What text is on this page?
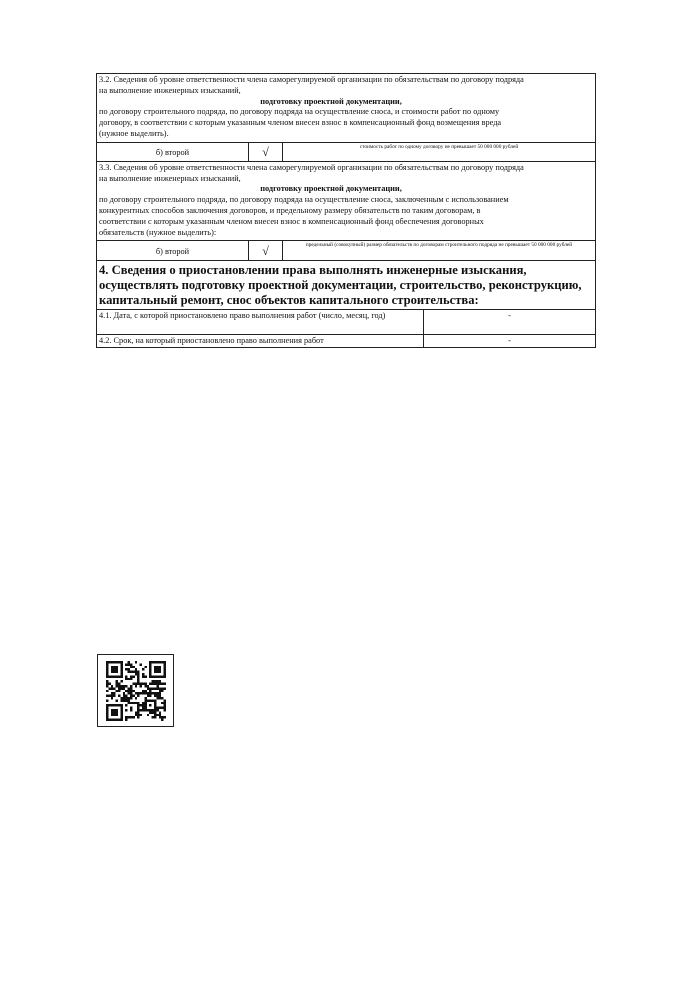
3.2. Сведения об уровне ответственности члена саморегулируемой организации по обязательствам по договору подряда
на выполнение инженерных изысканий,
подготовку проектной документации,
по договору строительного подряда, по договору подряда на осуществление сноса, и стоимости работ по одному
договору, в соответствии с которым указанным членом внесен взнос в компенсационный фонд возмещения вреда
(нужное выделить).
б) второй	√	стоимость работ по одному договору не превышает 50 000 000 рублей
3.3. Сведения об уровне ответственности члена саморегулируемой организации по обязательствам по договору подряда
на выполнение инженерных изысканий,
подготовку проектной документации,
по договору строительного подряда, по договору подряда на осуществление сноса, заключенным с использованием
конкурентных способов заключения договоров, и предельному размеру обязательств по таким договорам, в
соответствии с которым указанным членом внесен взнос в компенсационный фонд обеспечения договорных
обязательств (нужное выделить):
б) второй	√	предельный (совокупный) размер обязательств по договорам строительного подряда не превышает 50 000 000 рублей
4. Сведения о приостановлении права выполнять инженерные изыскания,
осуществлять подготовку проектной документации, строительство, реконструкцию,
капитальный ремонт, снос объектов капитального строительства:
4.1. Дата, с которой приостановлено право выполнения работ (число, месяц, год)	-
4.2. Срок, на который приостановлено право выполнения работ	-
